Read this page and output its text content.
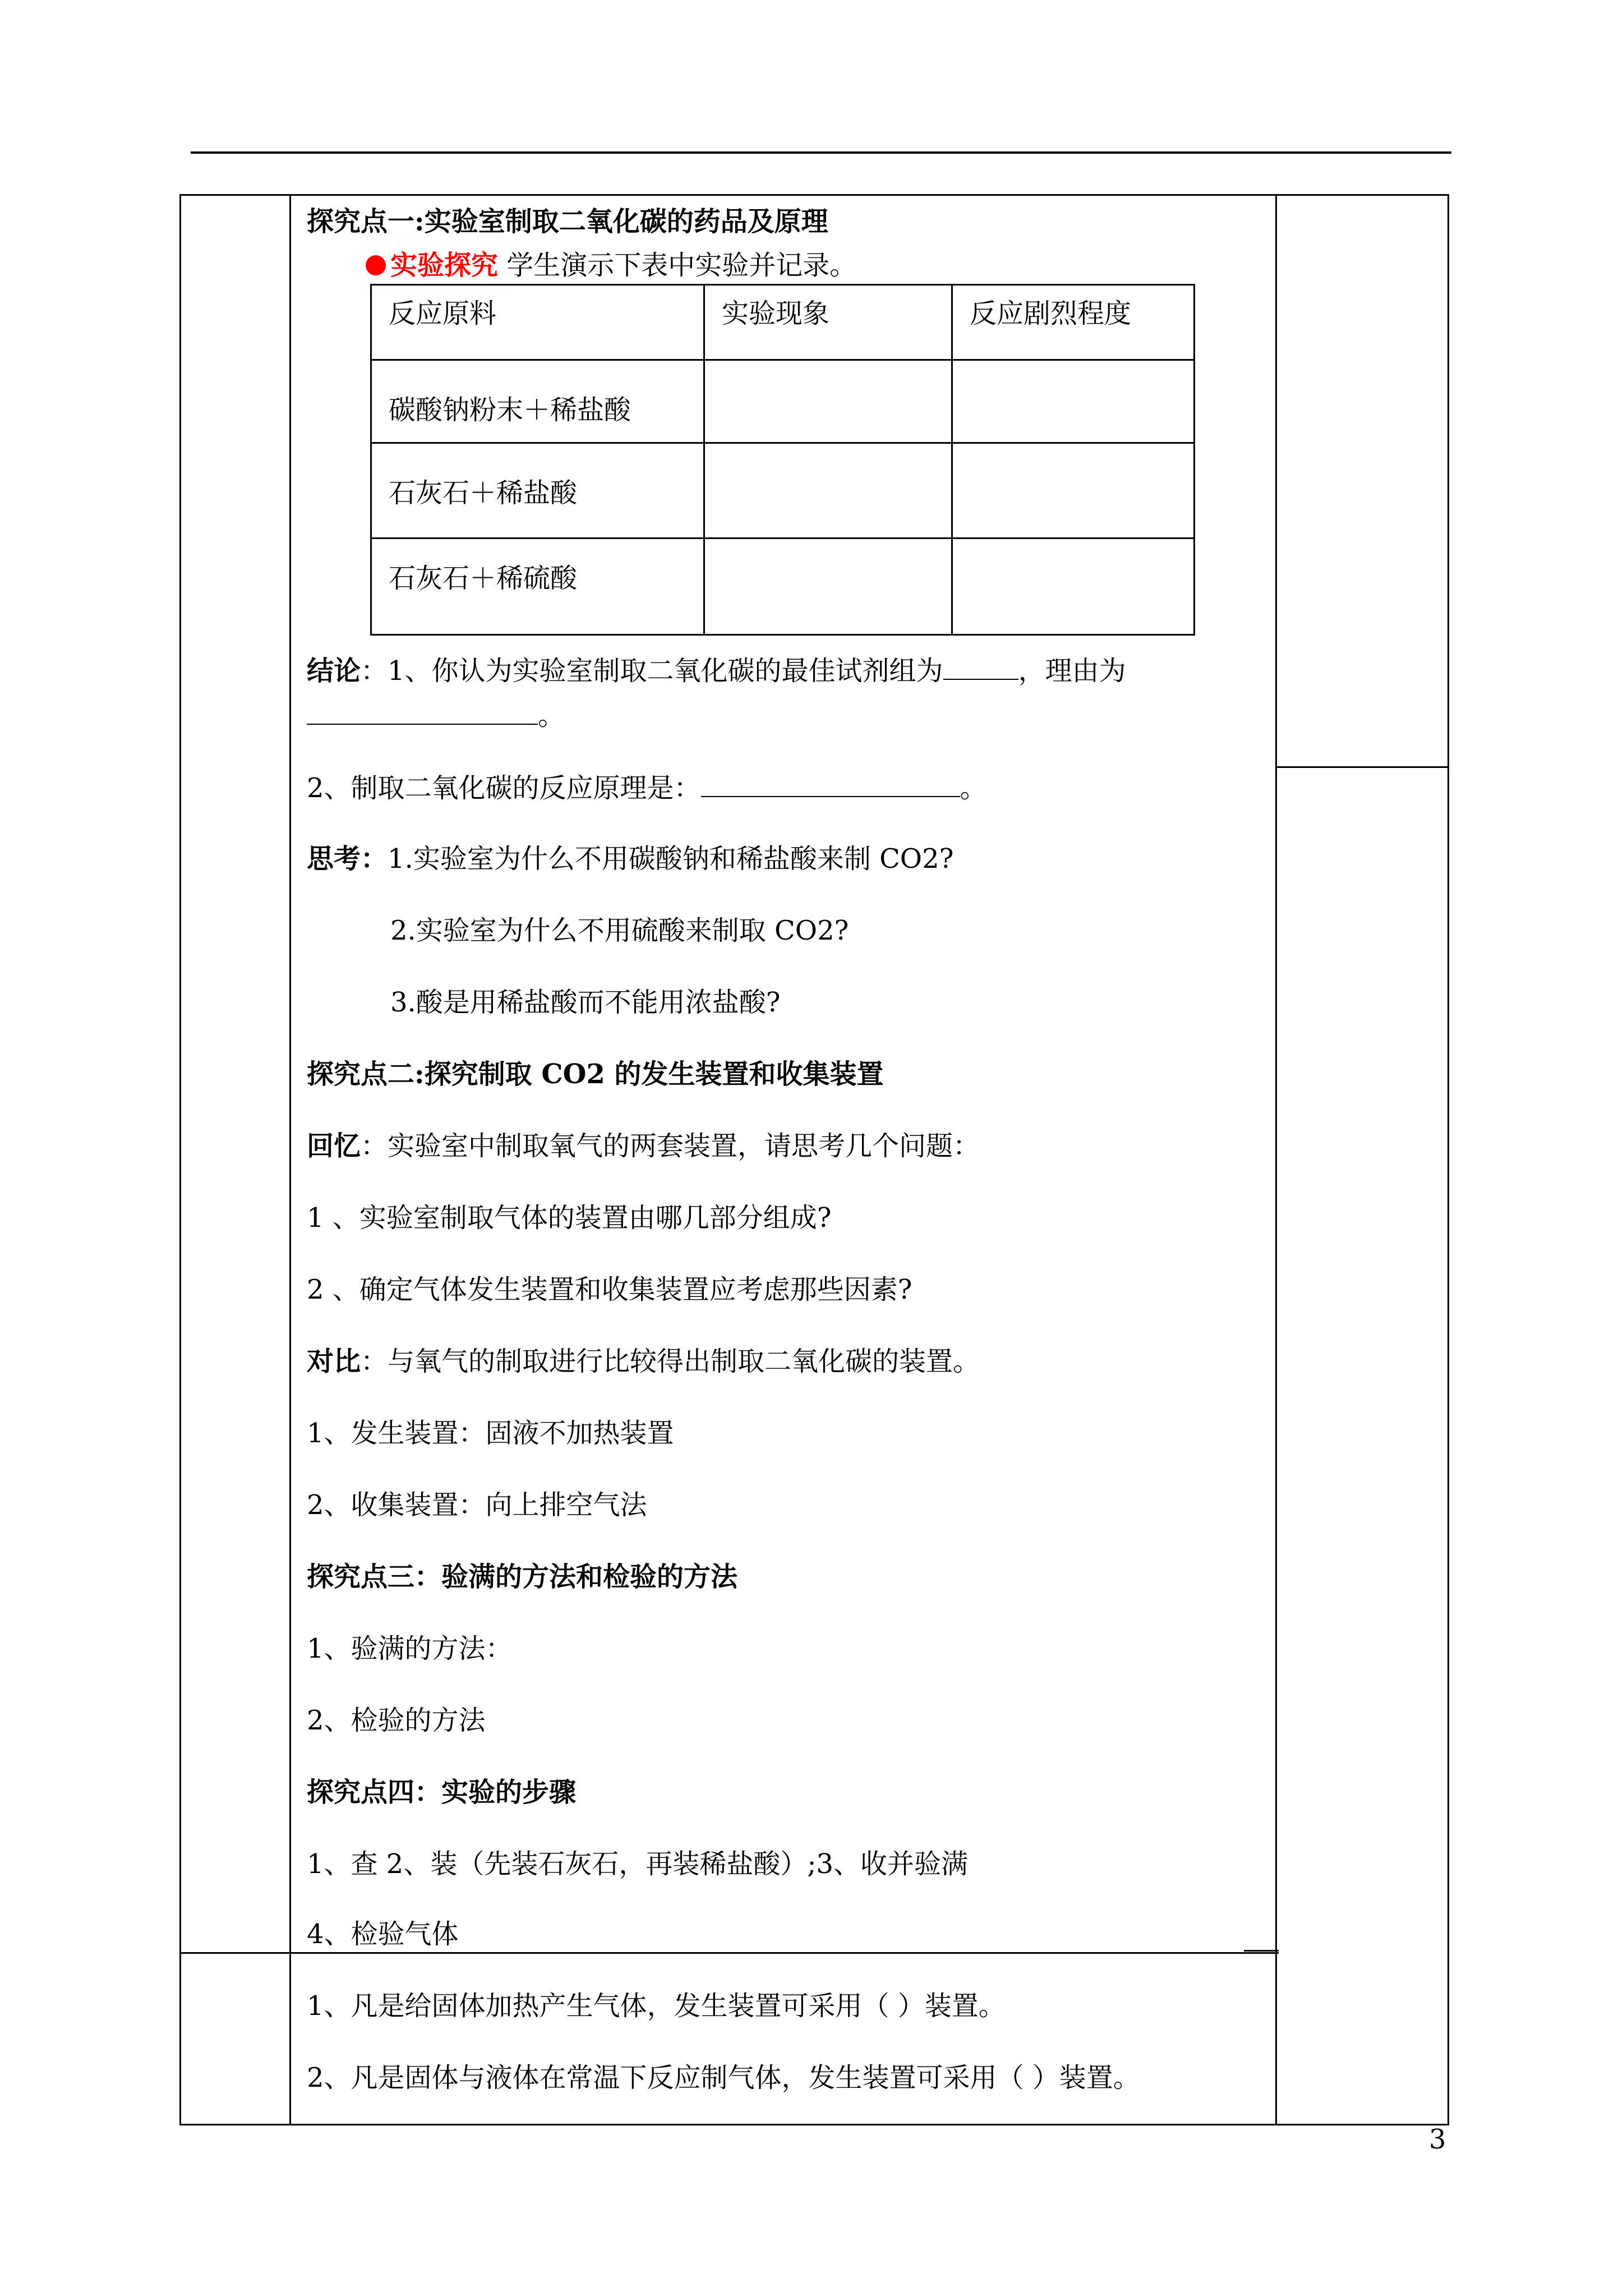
探究点一:实验室制取二氧化碳的药品及原理
实验探究 学生演示下表中实验并记录。
反应原料	实验现象	反应剧烈程度
碳酸钠粉末＋稀盐酸		
石灰石＋稀盐酸		
石灰石＋稀硫酸		
结论：1、你认为实验室制取二氧化碳的最佳试剂组为	，理由为
。
2、制取二氧化碳的反应原理是：	。
思考：1.实验室为什么不用碳酸钠和稀盐酸来制 CO2?
2.实验室为什么不用硫酸来制取 CO2?
3.酸是用稀盐酸而不能用浓盐酸?
探究点二:探究制取 CO2 的发生装置和收集装置
回忆：实验室中制取氧气的两套装置，请思考几个问题：
1 、实验室制取气体的装置由哪几部分组成?
2 、确定气体发生装置和收集装置应考虑那些因素?
对比：与氧气的制取进行比较得出制取二氧化碳的装置。
1、发生装置：固液不加热装置
2、收集装置：向上排空气法
探究点三：验满的方法和检验的方法
1、验满的方法：
2、检验的方法
探究点四：实验的步骤
1、查 2、装（先装石灰石，再装稀盐酸）;3、收并验满
4、检验气体
1、凡是给固体加热产生气体，发生装置可采用（ ）装置。
2、凡是固体与液体在常温下反应制气体，发生装置可采用（ ）装置。
3
